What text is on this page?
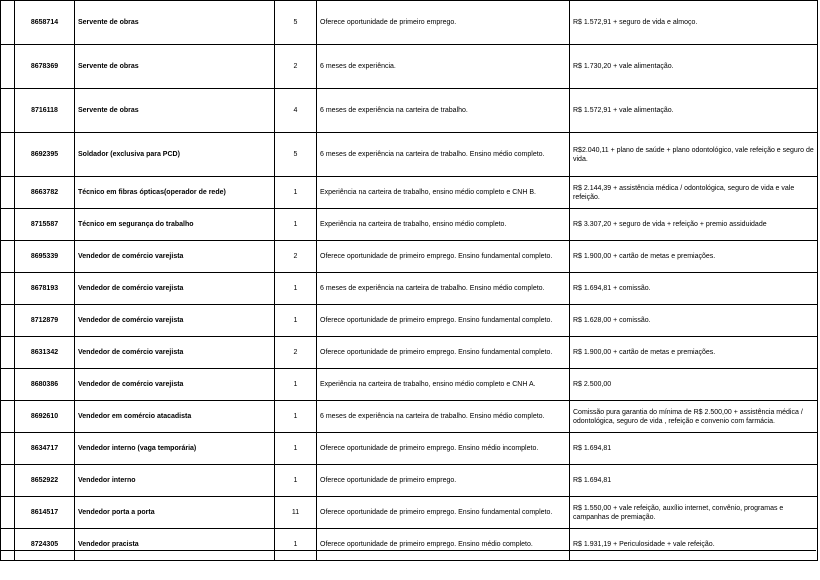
	8658714	Servente de obras	5	Oferece oportunidade de primeiro emprego.	R$ 1.572,91 + seguro de vida e almoço.
	8678369	Servente de obras	2	6 meses de experiência.	R$ 1.730,20 + vale alimentação.
	8716118	Servente de obras	4	6 meses de experiência na carteira de trabalho.	R$ 1.572,91 + vale alimentação.
	8692395	Soldador (exclusiva para PCD)	5	6 meses de experiência na carteira de trabalho. Ensino médio completo.	R$2.040,11 + plano de saúde + plano odontológico, vale refeição e seguro de vida.
	8663782	Técnico em fibras ópticas(operador de rede)	1	Experiência na carteira de trabalho, ensino médio completo e CNH B.	R$ 2.144,39 + assistência médica / odontológica, seguro de vida e vale refeição.
	8715587	Técnico em segurança do trabalho	1	Experiência na carteira de trabalho, ensino médio completo.	R$ 3.307,20 + seguro de vida + refeição + premio assiduidade
	8695339	Vendedor de comércio varejista	2	Oferece oportunidade de primeiro emprego. Ensino fundamental completo.	R$ 1.900,00 + cartão de metas e premiações.
	8678193	Vendedor de comércio varejista	1	6 meses de experiência na carteira de trabalho. Ensino médio completo.	R$ 1.694,81 + comissão.
	8712879	Vendedor de comércio varejista	1	Oferece oportunidade de primeiro emprego. Ensino fundamental completo.	R$ 1.628,00 + comissão.
	8631342	Vendedor de comércio varejista	2	Oferece oportunidade de primeiro emprego. Ensino fundamental completo.	R$ 1.900,00 + cartão de metas e premiações.
	8680386	Vendedor de comércio varejista	1	Experiência na carteira de trabalho, ensino médio completo e CNH A.	R$ 2.500,00
	8692610	Vendedor em comércio atacadista	1	6 meses de experiência na carteira de trabalho. Ensino médio completo.	Comissão pura garantia do mínima de R$ 2.500,00 + assistência médica / odontológica, seguro de vida , refeição e convenio com farmácia.
	8634717	Vendedor interno (vaga temporária)	1	Oferece oportunidade de primeiro emprego. Ensino médio incompleto.	R$ 1.694,81
	8652922	Vendedor interno	1	Oferece oportunidade de primeiro emprego.	R$ 1.694,81
	8614517	Vendedor porta a porta	11	Oferece oportunidade de primeiro emprego. Ensino fundamental completo.	R$ 1.550,00 + vale refeição, auxílio internet, convênio, programas e campanhas de premiação.
	8724305	Vendedor pracista	1	Oferece oportunidade de primeiro emprego. Ensino médio completo.	R$ 1.931,19 + Periculosidade + vale refeição.
